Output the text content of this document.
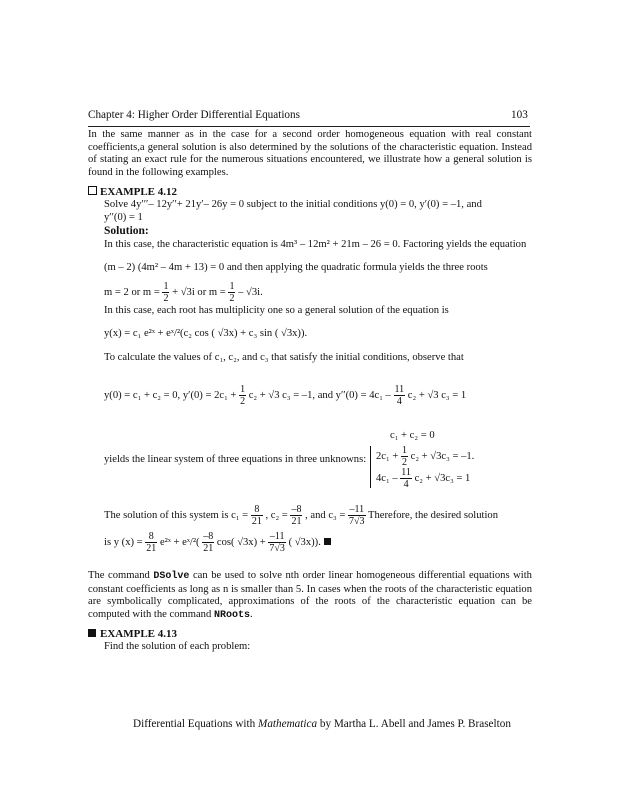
Chapter 4: Higher Order Differential Equations	103
In the same manner as in the case for a second order homogeneous equation with real constant coefficients,a general solution is also determined by the solutions of the characteristic equation. Instead of stating an exact rule for the numerous situations encountered, we illustrate how a general solution is found in the following examples.
EXAMPLE 4.12
Solve 4y′′′– 12y′′+ 21y′– 26y = 0 subject to the initial conditions y(0) = 0, y′(0) = –1, and
y′′(0) = 1
Solution:
In this case, the characteristic equation is 4m³ – 12m² + 21m – 26 = 0. Factoring yields the equation
(m – 2) (4m² – 4m + 13) = 0 and then applying the quadratic formula yields the three roots
m = 2 or $m = \frac{1}{2} + √3i$ or $m = \frac{1}{2} - √3i$.
In this case, each root has multiplicity one so a general solution of the equation is
y(x) = c₁ e²ˣ + eˣ/²(c₂ cos ( √3x) + c₃ sin ( √3x)).
To calculate the values of c₁, c₂, and c₃ that satisfy the initial conditions, observe that
y(0) = c₁ + c₂ = 0, $y'(0) = 2c_1 + \frac{1}{2} c_2 + √3$ c₃ = –1, and $y''(0) = 4c_1 - \frac{11}{4} c_2 + √3$ c₃ = 1
yields the linear system of three equations in three unknowns:
c₁ + c₂ = 0
$2c_1 + \frac{1}{2} c_2 + √3c_3 = -1$.
$4c_1 - \frac{11}{4} c_2 + √3c_3 = 1$
The solution of this system is $c_1 = \frac{8}{21}$ , $c_2 = \frac{-8}{21}$ , and $c_3 = \frac{-11}{7√3}$ Therefore, the desired solution
is y $(x) = \frac{8}{21}$ e²ˣ + eˣ/²( $\frac{-8}{21} \cos$( $√3x) + \frac{-11}{7√3}$ ( √3x)).
The command DSolve can be used to solve nth order linear homogeneous differential equations with constant coefficients as long as n is smaller than 5. In cases when the roots of the characteristic equation are symbolically complicated, approximations of the roots of the characteristic equation can be computed with the command NRoots.
EXAMPLE 4.13
Find the solution of each problem:
Differential Equations with Mathematica by Martha L. Abell and James P. Braselton
